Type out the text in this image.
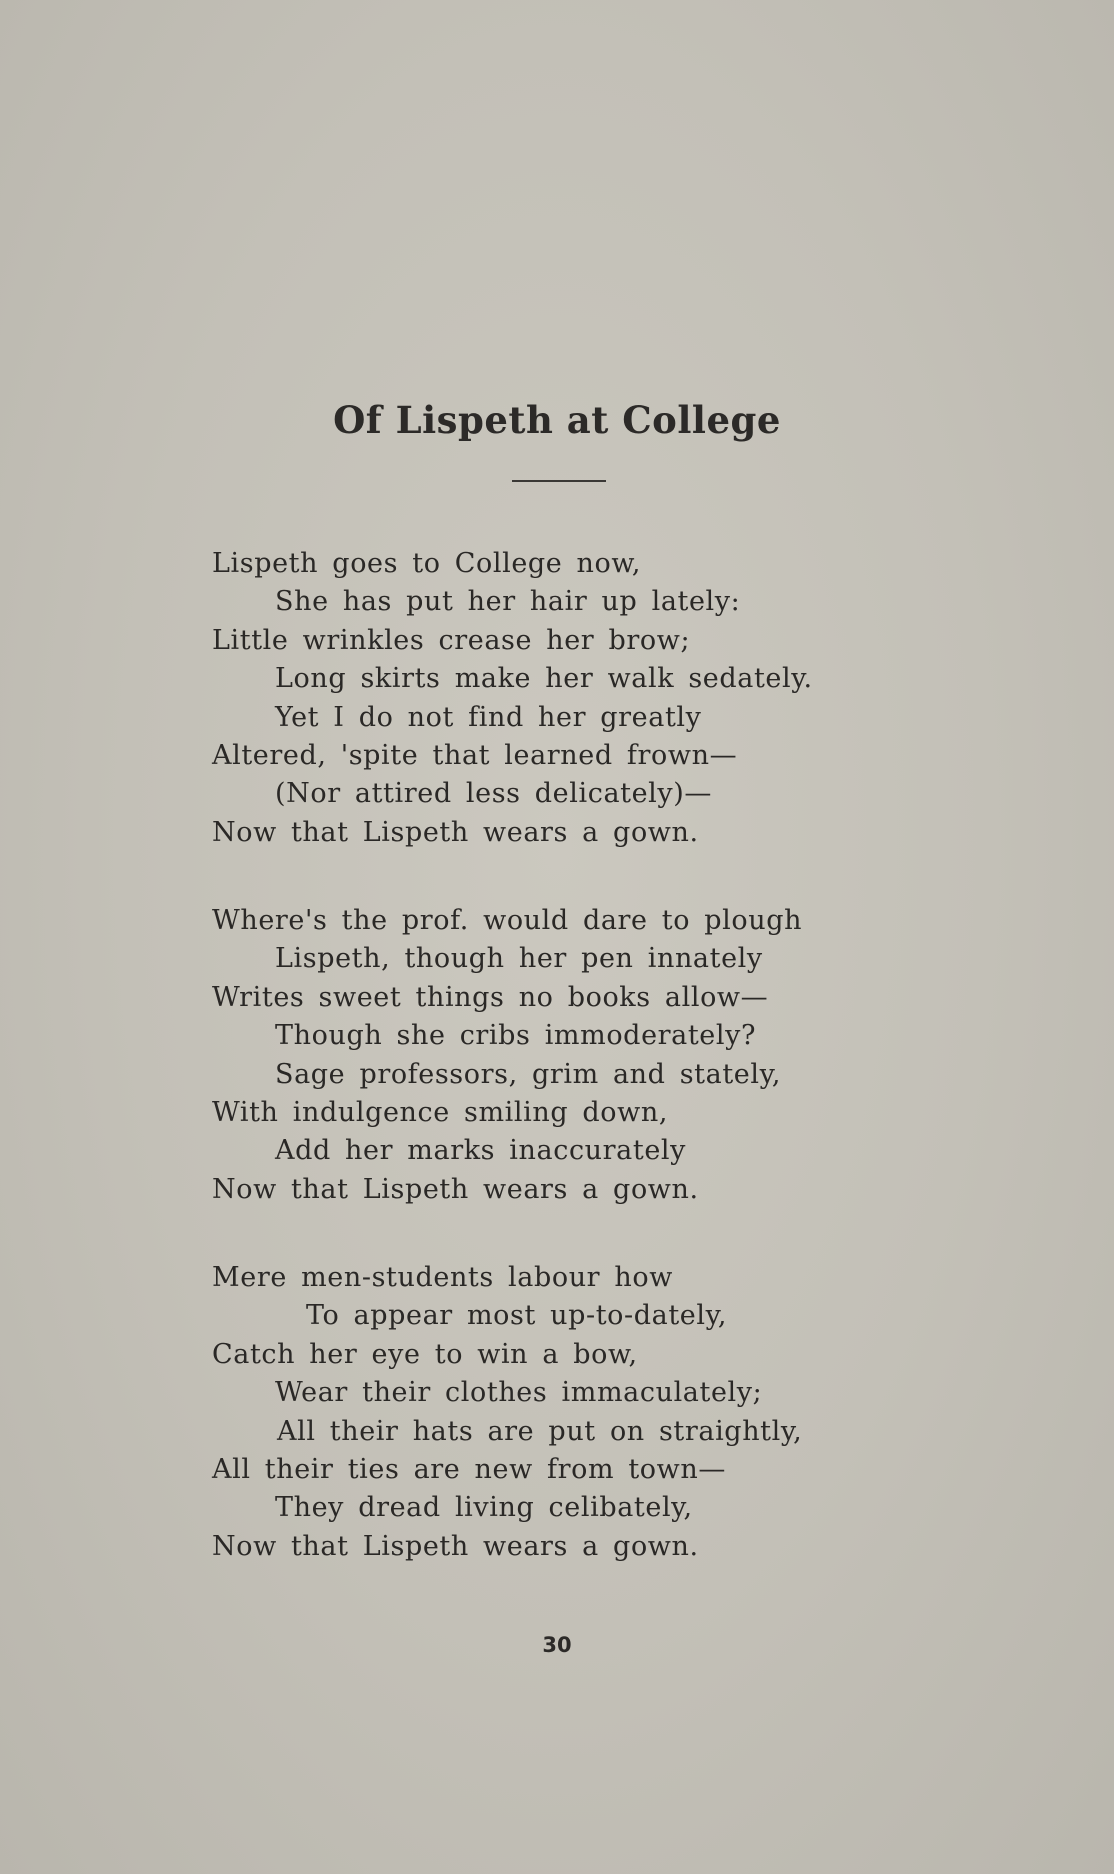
Of Lispeth at College
Lispeth goes to College now,
She has put her hair up lately:
Little wrinkles crease her brow;
Long skirts make her walk sedately.
Yet I do not find her greatly
Altered, 'spite that learned frown—
(Nor attired less delicately)—
Now that Lispeth wears a gown.
Where's the prof. would dare to plough
Lispeth, though her pen innately
Writes sweet things no books allow—
Though she cribs immoderately?
Sage professors, grim and stately,
With indulgence smiling down,
Add her marks inaccurately
Now that Lispeth wears a gown.
Mere men-students labour how
To appear most up-to-dately,
Catch her eye to win a bow,
Wear their clothes immaculately;
All their hats are put on straightly,
All their ties are new from town—
They dread living celibately,
Now that Lispeth wears a gown.
30
